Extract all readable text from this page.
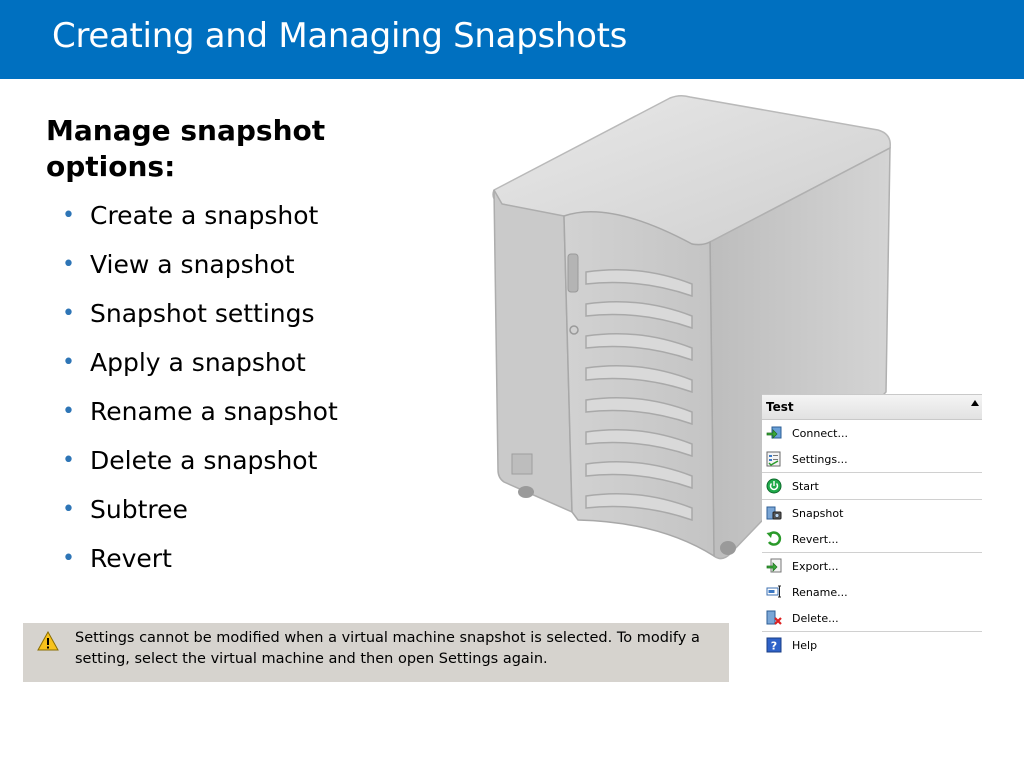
Creating and Managing Snapshots
Manage snapshot options:
• Create a snapshot
• View a snapshot
• Snapshot settings
• Apply a snapshot
• Rename a snapshot
• Delete a snapshot
• Subtree
• Revert
Settings cannot be modified when a virtual machine snapshot is selected. To modify a setting, select the virtual machine and then open Settings again.
Test
Connect...
Settings...
Start
Snapshot
Revert...
Export...
Rename...
Delete...
? Help
